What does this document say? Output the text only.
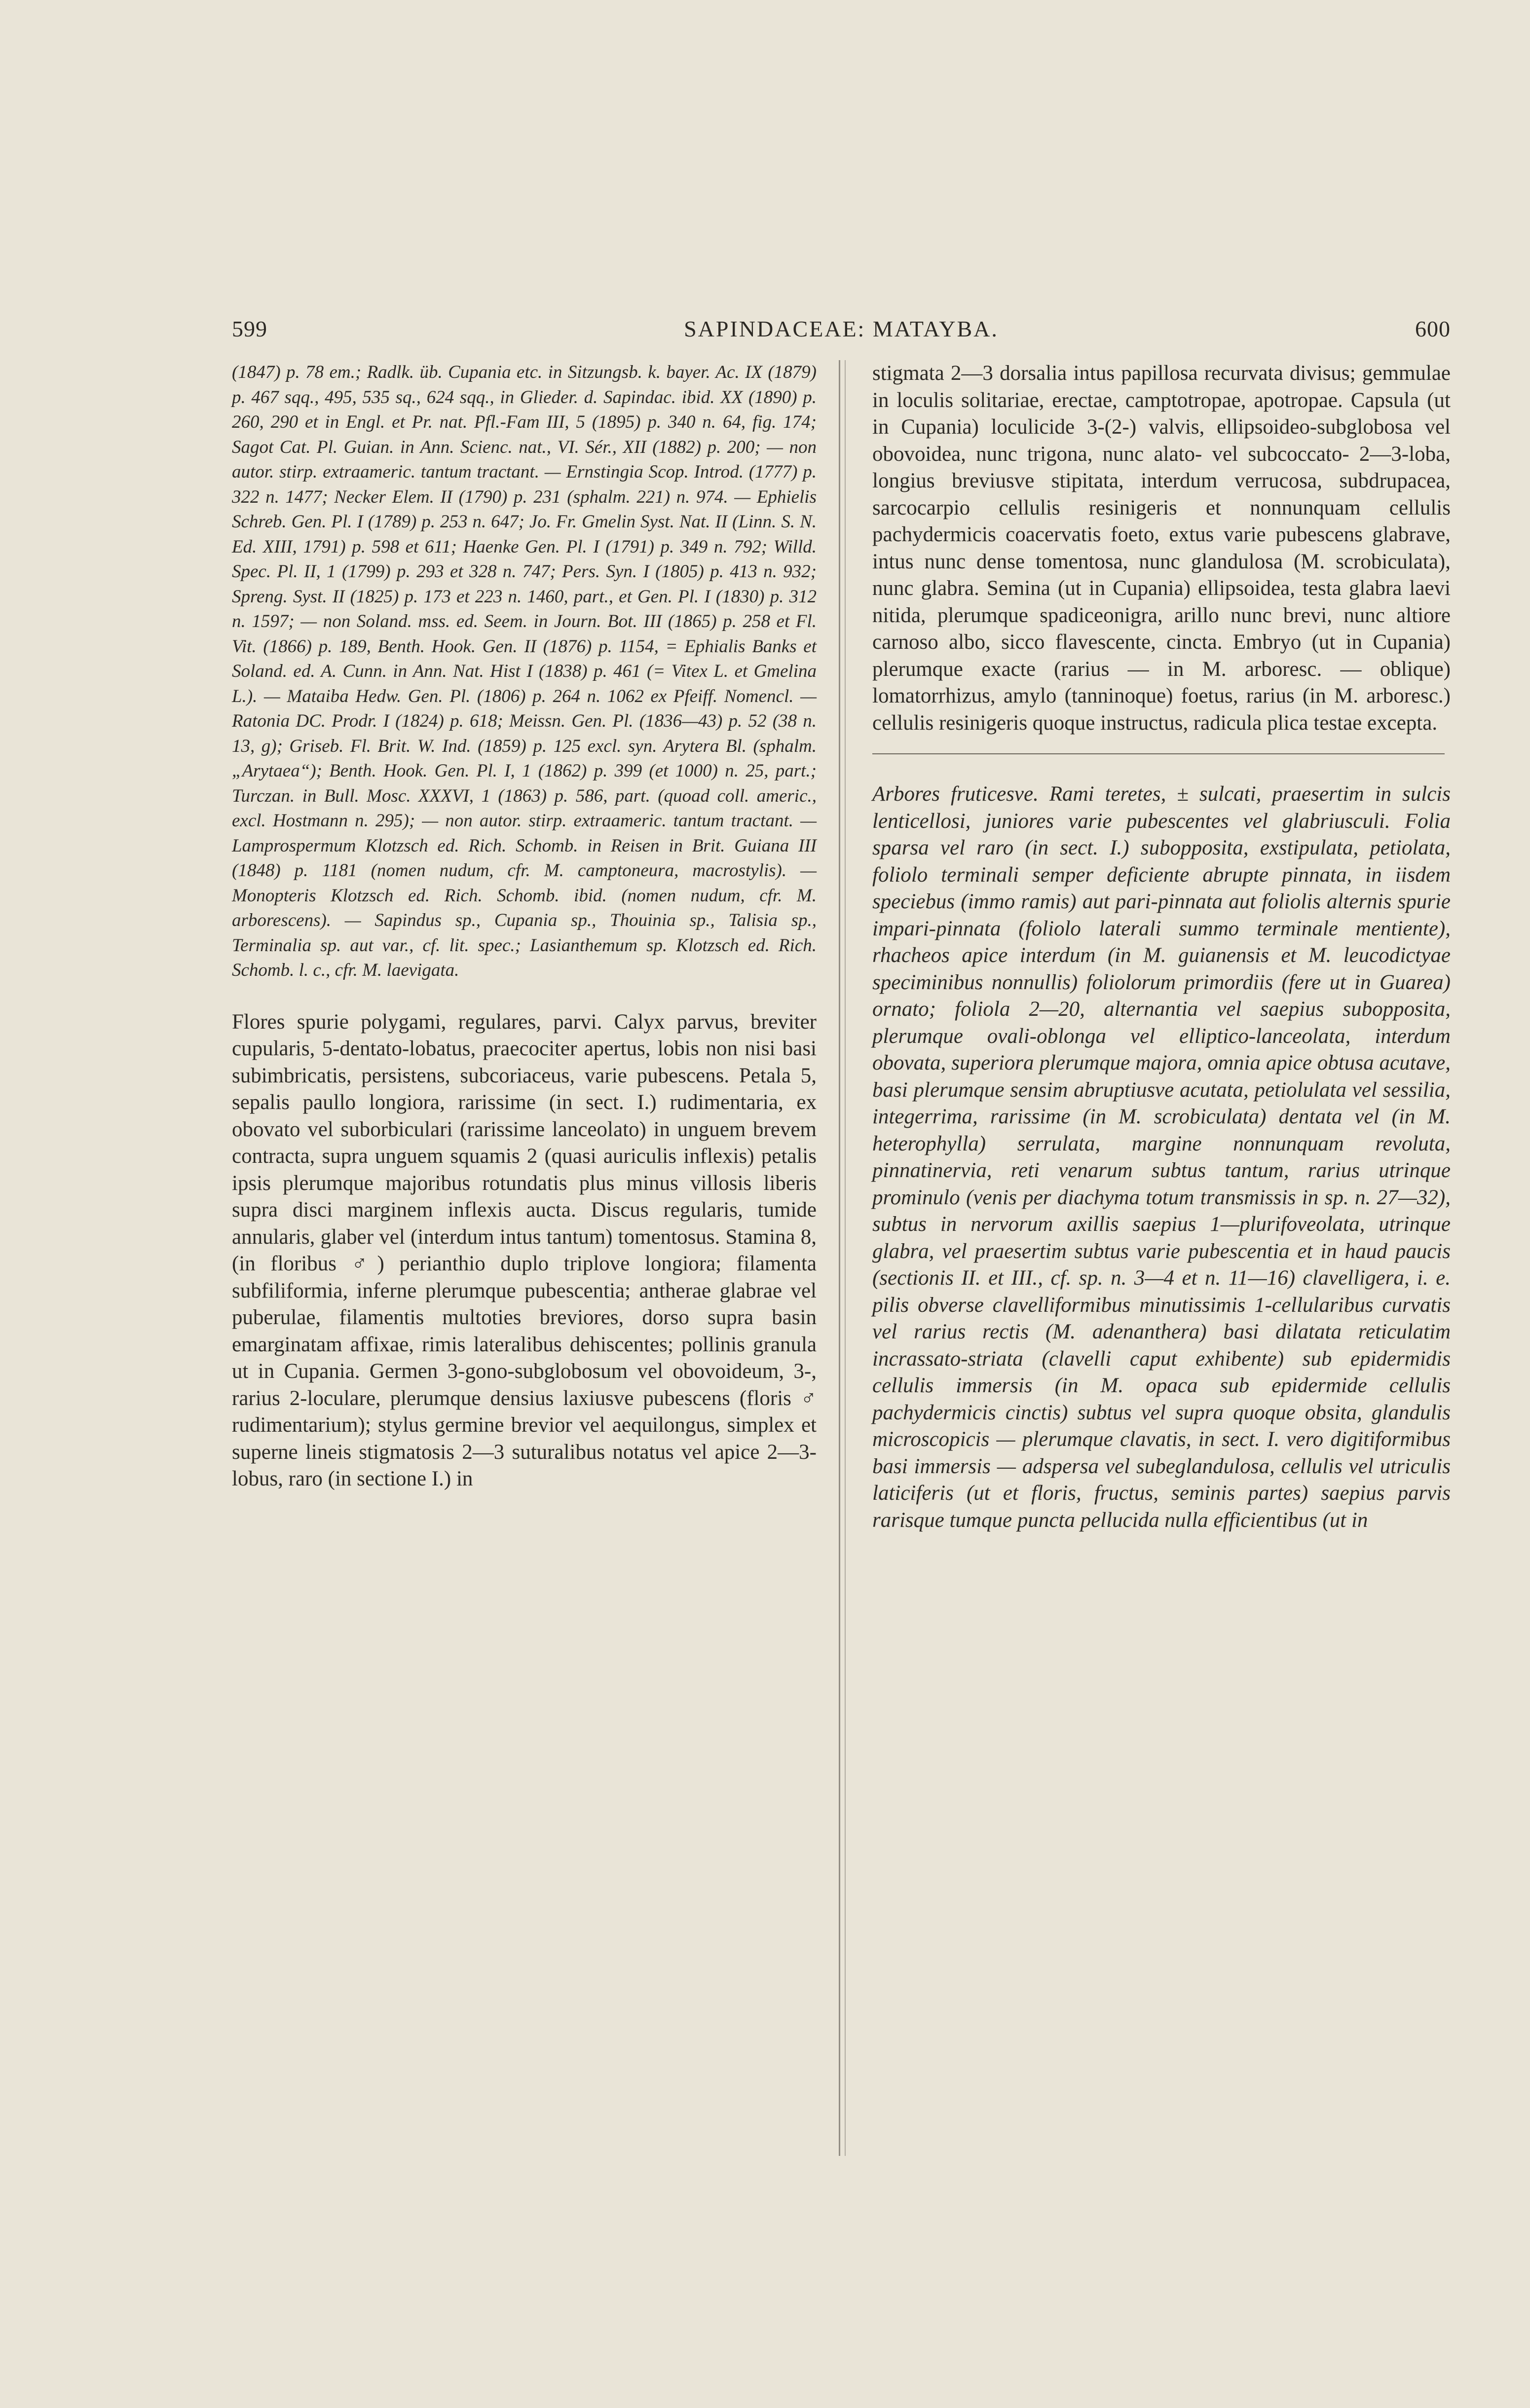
599	SAPINDACEAE: MATAYBA.	600

(1847) p. 78 em.; Radlk. üb. Cupania etc. in Sitzungsb. k. bayer. Ac. IX (1879) p. 467 sqq., 495, 535 sq., 624 sqq., in Glieder. d. Sapindac. ibid. XX (1890) p. 260, 290 et in Engl. et Pr. nat. Pfl.-Fam III, 5 (1895) p. 340 n. 64, fig. 174; Sagot Cat. Pl. Guian. in Ann. Scienc. nat., VI. Sér., XII (1882) p. 200; — non autor. stirp. extraameric. tantum tractant. — Ernstingia Scop. Introd. (1777) p. 322 n. 1477; Necker Elem. II (1790) p. 231 (sphalm. 221) n. 974. — Ephielis Schreb. Gen. Pl. I (1789) p. 253 n. 647; Jo. Fr. Gmelin Syst. Nat. II (Linn. S. N. Ed. XIII, 1791) p. 598 et 611; Haenke Gen. Pl. I (1791) p. 349 n. 792; Willd. Spec. Pl. II, 1 (1799) p. 293 et 328 n. 747; Pers. Syn. I (1805) p. 413 n. 932; Spreng. Syst. II (1825) p. 173 et 223 n. 1460, part., et Gen. Pl. I (1830) p. 312 n. 1597; — non Soland. mss. ed. Seem. in Journ. Bot. III (1865) p. 258 et Fl. Vit. (1866) p. 189, Benth. Hook. Gen. II (1876) p. 1154, = Ephialis Banks et Soland. ed. A. Cunn. in Ann. Nat. Hist I (1838) p. 461 (= Vitex L. et Gmelina L.). — Mataiba Hedw. Gen. Pl. (1806) p. 264 n. 1062 ex Pfeiff. Nomencl. — Ratonia DC. Prodr. I (1824) p. 618; Meissn. Gen. Pl. (1836—43) p. 52 (38 n. 13, g); Griseb. Fl. Brit. W. Ind. (1859) p. 125 excl. syn. Arytera Bl. (sphalm. „Arytaea“); Benth. Hook. Gen. Pl. I, 1 (1862) p. 399 (et 1000) n. 25, part.; Turczan. in Bull. Mosc. XXXVI, 1 (1863) p. 586, part. (quoad coll. americ., excl. Hostmann n. 295); — non autor. stirp. extraameric. tantum tractant. — Lamprospermum Klotzsch ed. Rich. Schomb. in Reisen in Brit. Guiana III (1848) p. 1181 (nomen nudum, cfr. M. camptoneura, macrostylis). — Monopteris Klotzsch ed. Rich. Schomb. ibid. (nomen nudum, cfr. M. arborescens). — Sapindus sp., Cupania sp., Thouinia sp., Talisia sp., Terminalia sp. aut var., cf. lit. spec.; Lasianthemum sp. Klotzsch ed. Rich. Schomb. l. c., cfr. M. laevigata.

Flores spurie polygami, regulares, parvi. Calyx parvus, breviter cupularis, 5-dentato-lobatus, praecociter apertus, lobis non nisi basi subimbricatis, persistens, subcoriaceus, varie pubescens. Petala 5, sepalis paullo longiora, rarissime (in sect. I.) rudimentaria, ex obovato vel suborbiculari (rarissime lanceolato) in unguem brevem contracta, supra unguem squamis 2 (quasi auriculis inflexis) petalis ipsis plerumque majoribus rotundatis plus minus villosis liberis supra disci marginem inflexis aucta. Discus regularis, tumide annularis, glaber vel (interdum intus tantum) tomentosus. Stamina 8, (in floribus ♂) perianthio duplo triplove longiora; filamenta subfiliformia, inferne plerumque pubescentia; antherae glabrae vel puberulae, filamentis multoties breviores, dorso supra basin emarginatam affixae, rimis lateralibus dehiscentes; pollinis granula ut in Cupania. Germen 3-gono-subglobosum vel obovoideum, 3-, rarius 2-loculare, plerumque densius laxiusve pubescens (floris ♂ rudimentarium); stylus germine brevior vel aequilongus, simplex et superne lineis stigmatosis 2—3 suturalibus notatus vel apice 2—3-lobus, raro (in sectione I.) in

stigmata 2—3 dorsalia intus papillosa recurvata divisus; gemmulae in loculis solitariae, erectae, camptotropae, apotropae. Capsula (ut in Cupania) loculicide 3-(2-) valvis, ellipsoideo-subglobosa vel obovoidea, nunc trigona, nunc alato- vel subcoccato- 2—3-loba, longius breviusve stipitata, interdum verrucosa, subdrupacea, sarcocarpio cellulis resinigeris et nonnunquam cellulis pachydermicis coacervatis foeto, extus varie pubescens glabrave, intus nunc dense tomentosa, nunc glandulosa (M. scrobiculata), nunc glabra. Semina (ut in Cupania) ellipsoidea, testa glabra laevi nitida, plerumque spadiceonigra, arillo nunc brevi, nunc altiore carnoso albo, sicco flavescente, cincta. Embryo (ut in Cupania) plerumque exacte (rarius — in M. arboresc. — oblique) lomatorrhizus, amylo (tanninoque) foetus, rarius (in M. arboresc.) cellulis resinigeris quoque instructus, radicula plica testae excepta.

Arbores fruticesve. Rami teretes, ± sulcati, praesertim in sulcis lenticellosi, juniores varie pubescentes vel glabriusculi. Folia sparsa vel raro (in sect. I.) subopposita, exstipulata, petiolata, foliolo terminali semper deficiente abrupte pinnata, in iisdem speciebus (immo ramis) aut pari-pinnata aut foliolis alternis spurie impari-pinnata (foliolo laterali summo terminale mentiente), rhacheos apice interdum (in M. guianensis et M. leucodictyae speciminibus nonnullis) foliolorum primordiis (fere ut in Guarea) ornato; foliola 2—20, alternantia vel saepius subopposita, plerumque ovali-oblonga vel elliptico-lanceolata, interdum obovata, superiora plerumque majora, omnia apice obtusa acutave, basi plerumque sensim abruptiusve acutata, petiolulata vel sessilia, integerrima, rarissime (in M. scrobiculata) dentata vel (in M. heterophylla) serrulata, margine nonnunquam revoluta, pinnatinervia, reti venarum subtus tantum, rarius utrinque prominulo (venis per diachyma totum transmissis in sp. n. 27—32), subtus in nervorum axillis saepius 1—plurifoveolata, utrinque glabra, vel praesertim subtus varie pubescentia et in haud paucis (sectionis II. et III., cf. sp. n. 3—4 et n. 11—16) clavelligera, i. e. pilis obverse clavelliformibus minutissimis 1-cellularibus curvatis vel rarius rectis (M. adenanthera) basi dilatata reticulatim incrassato-striata (clavelli caput exhibente) sub epidermidis cellulis immersis (in M. opaca sub epidermide cellulis pachydermicis cinctis) subtus vel supra quoque obsita, glandulis microscopicis — plerumque clavatis, in sect. I. vero digitiformibus basi immersis — adspersa vel subeglandulosa, cellulis vel utriculis laticiferis (ut et floris, fructus, seminis partes) saepius parvis rarisque tumque puncta pellucida nulla efficientibus (ut in
